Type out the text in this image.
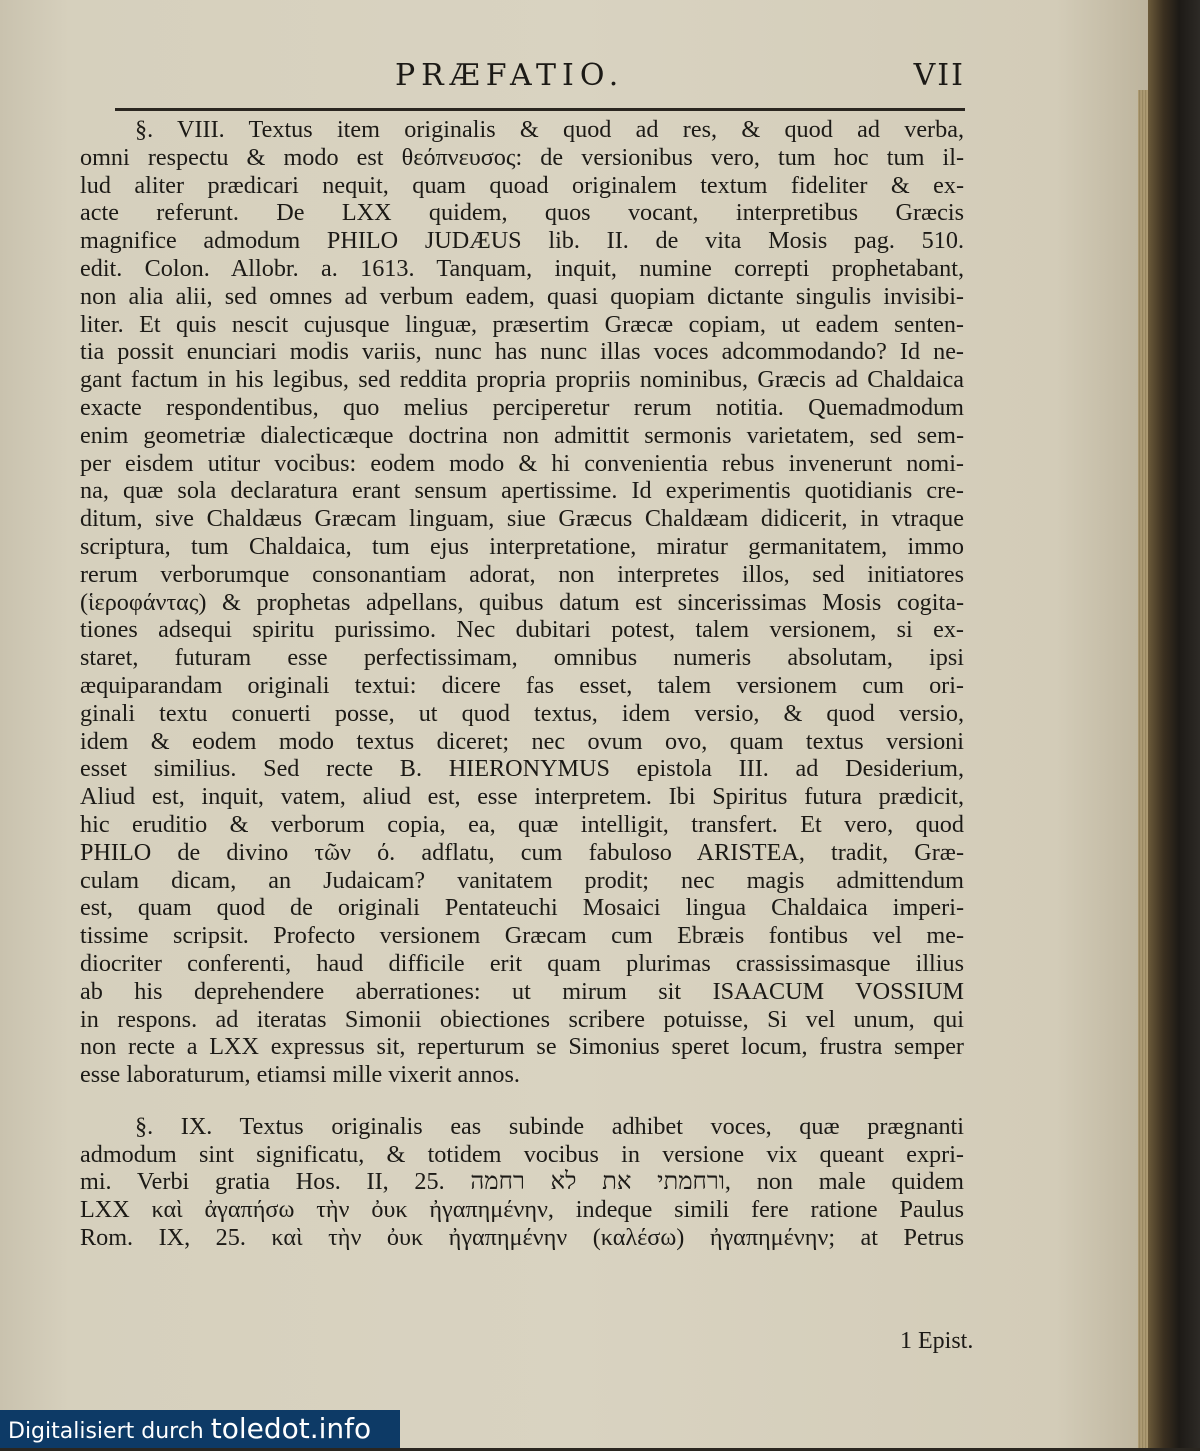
PRÆFATIO.	VII
§. VIII. Textus item originalis & quod ad res, & quod ad verba,
omni respectu & modo est θεόπνευσος: de versionibus vero, tum hoc tum il-
lud aliter prædicari nequit, quam quoad originalem textum fideliter & ex-
acte referunt. De LXX quidem, quos vocant, interpretibus Græcis
magnifice admodum PHILO JUDÆUS lib. II. de vita Mosis pag. 510.
edit. Colon. Allobr. a. 1613. Tanquam, inquit, numine correpti prophetabant,
non alia alii, sed omnes ad verbum eadem, quasi quopiam dictante singulis invisibi-
liter. Et quis nescit cujusque linguæ, præsertim Græcæ copiam, ut eadem senten-
tia possit enunciari modis variis, nunc has nunc illas voces adcommodando? Id ne-
gant factum in his legibus, sed reddita propria propriis nominibus, Græcis ad Chaldaica
exacte respondentibus, quo melius perciperetur rerum notitia. Quemadmodum
enim geometriæ dialecticæque doctrina non admittit sermonis varietatem, sed sem-
per eisdem utitur vocibus: eodem modo & hi convenientia rebus invenerunt nomi-
na, quæ sola declaratura erant sensum apertissime. Id experimentis quotidianis cre-
ditum, sive Chaldæus Græcam linguam, siue Græcus Chaldæam didicerit, in vtraque
scriptura, tum Chaldaica, tum ejus interpretatione, miratur germanitatem, immo
rerum verborumque consonantiam adorat, non interpretes illos, sed initiatores
(ἱεροφάντας) & prophetas adpellans, quibus datum est sincerissimas Mosis cogita-
tiones adsequi spiritu purissimo. Nec dubitari potest, talem versionem, si ex-
staret, futuram esse perfectissimam, omnibus numeris absolutam, ipsi
æquiparandam originali textui: dicere fas esset, talem versionem cum ori-
ginali textu conuerti posse, ut quod textus, idem versio, & quod versio,
idem & eodem modo textus diceret; nec ovum ovo, quam textus versioni
esset similius. Sed recte B. HIERONYMUS epistola III. ad Desiderium,
Aliud est, inquit, vatem, aliud est, esse interpretem. Ibi Spiritus futura prædicit,
hic eruditio & verborum copia, ea, quæ intelligit, transfert. Et vero, quod
PHILO de divino τῶν ό. adflatu, cum fabuloso ARISTEA, tradit, Græ-
culam dicam, an Judaicam? vanitatem prodit; nec magis admittendum
est, quam quod de originali Pentateuchi Mosaici lingua Chaldaica imperi-
tissime scripsit. Profecto versionem Græcam cum Ebræis fontibus vel me-
diocriter conferenti, haud difficile erit quam plurimas crassissimasque illius
ab his deprehendere aberrationes: ut mirum sit ISAACUM VOSSIUM
in respons. ad iteratas Simonii obiectiones scribere potuisse, Si vel unum, qui
non recte a LXX expressus sit, reperturum se Simonius speret locum, frustra semper
esse laboraturum, etiamsi mille vixerit annos.
§. IX. Textus originalis eas subinde adhibet voces, quæ prægnanti
admodum sint significatu, & totidem vocibus in versione vix queant expri-
mi. Verbi gratia Hos. II, 25. ורחמתי את לא רחמה, non male quidem
LXX καὶ ἀγαπήσω τὴν ὀυκ ἠγαπημένην, indeque simili fere ratione Paulus
Rom. IX, 25. καὶ τὴν ὀυκ ἠγαπημένην (καλέσω) ἠγαπημένην; at Petrus
1 Epist.
Digitalisiert durch toledot.info
